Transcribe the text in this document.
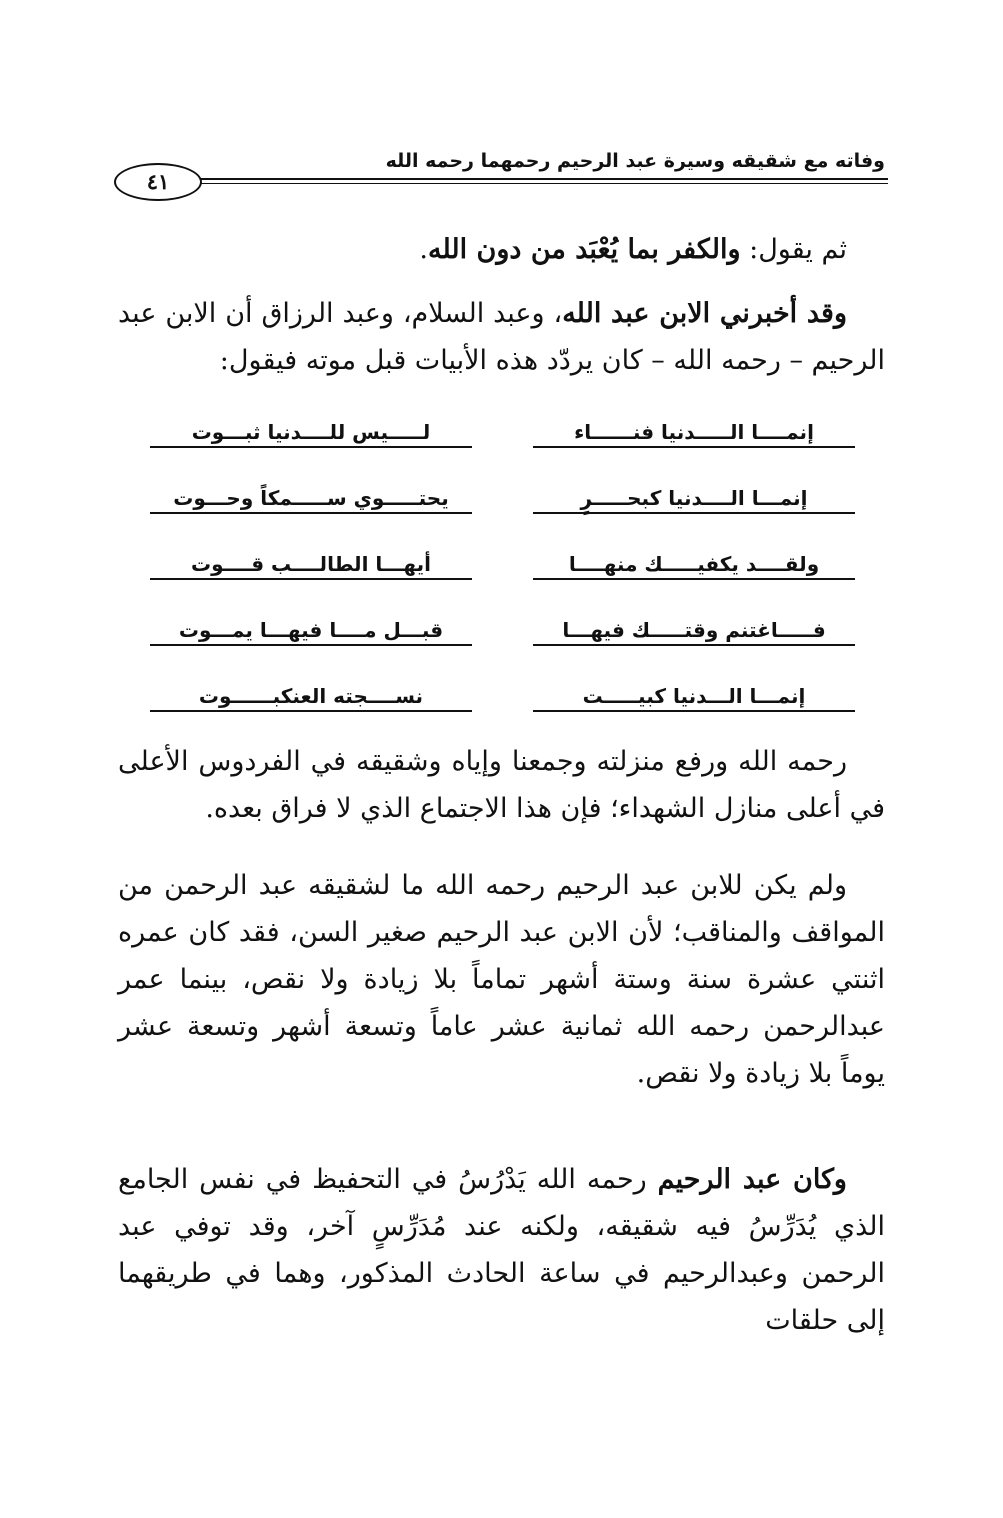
وفاته مع شقيقه وسيرة عبد الرحيم رحمهما رحمه الله
٤١

ثم يقول: والكفر بما يُعْبَد من دون الله.

وقد أخبرني الابن عبد الله، وعبد السلام، وعبد الرزاق أن الابن عبد الرحيم – رحمه الله – كان يردّد هذه الأبيات قبل موته فيقول:

إنمــــا الـــــدنيا فنــــــاء
لـــــيس للــــدنيا ثبـــوت
إنمـــا الــــدنيا كبحـــــرٍ
يحتـــــوي ســـــمكاً وحـــوت
ولقــــد يكفيـــــك منهــــا
أيهـــا الطالــــب قــــوت
فـــــاغتنم وقتـــــك فيهـــا
قبـــل مــــا فيهـــا يمـــوت
إنمـــا الـــدنيا كبيـــــت
نســــجته العنكبــــــوت

رحمه الله ورفع منزلته وجمعنا وإياه وشقيقه في الفردوس الأعلى في أعلى منازل الشهداء؛ فإن هذا الاجتماع الذي لا فراق بعده.

ولم يكن للابن عبد الرحيم رحمه الله ما لشقيقه عبد الرحمن من المواقف والمناقب؛ لأن الابن عبد الرحيم صغير السن، فقد كان عمره اثنتي عشرة سنة وستة أشهر تماماً بلا زيادة ولا نقص، بينما عمر عبدالرحمن رحمه الله ثمانية عشر عاماً وتسعة أشهر وتسعة عشر يوماً بلا زيادة ولا نقص.

وكان عبد الرحيم رحمه الله يَدْرُسُ في التحفيظ في نفس الجامع الذي يُدَرِّسُ فيه شقيقه، ولكنه عند مُدَرِّسٍ آخر، وقد توفي عبد الرحمن وعبدالرحيم في ساعة الحادث المذكور، وهما في طريقهما إلى حلقات
